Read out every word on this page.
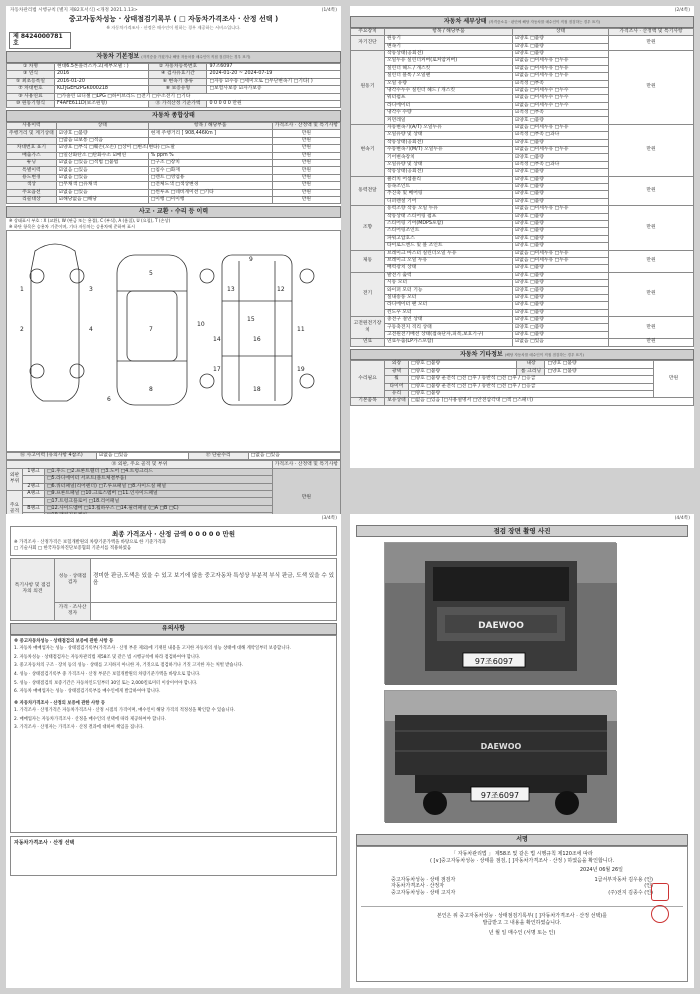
자동차관리법 시행규칙 [별지 제82호서식] <개정 2021.1.13>	(1/4쪽)
중고자동차성능 · 상태점검기록부 ( □ 자동차가격조사 · 산정 선택 )
※ 자동차가격조사 · 산정은 매수인이 원하는 경우 제공하는 서비스입니다.
제 8424000781호
자동차 기본정보 (자격증을 가졌거나 해당 자동차를 매수인이 직접 점검하는 경우 표기)
① 차명	현대6.5톤플러스카고(세부모델 : )	② 자동차등록번호	97조6097
③ 연식	2016	④ 검사유효기간	2024-01-20 ~ 2024-07-19
⑤ 최초등록일	2016-01-20	⑥ 변속기 종류	□자동 ☑수동 □세미오토 □무단변속기 □기타( )
⑦ 차대번호	KLTJGEH2PGK000218	⑧ 보증유형	□보험사보증 ☑자가보증
⑨ 사용연료	□가솔린 ☑디젤 □LPG □하이브리드 □전기 □수소전기 □기타		
⑩ 원동기형식	F4AFE611D(보조원형)	⑪ 가격산정 기준가액	0 0 0 0 0 만원
자동차 종합상태
사용이력	상태	항목 / 해당부품	가격조사 · 산정액 및 특기사항
주행거리 및 계기상태	☑양호 □불량	현재 주행거리 [ 908,446Km ]	만원
	□많음 ☑보통 □적음		만원
차대번호 표기	☑양호 □부식 □훼손(오손) □상이 □변조(변타) □도말		만원
배출가스	□일산화탄소 □탄화수소 ☑매연	% ppm %	만원
튜닝	☑없음 □있음 □적법 □불법	□구조 □장치	만원
특별이력	☑없음 □있음	□침수 □화재	만원
용도변경	☑없음 □있음	□렌트 □영업용	만원
색상	□무채색 □유채색	□전체도색 □색상변경	만원
주요옵션	☑없음 □있음	□썬루프 □네비게이션 □기타	만원
리콜대상	☑해당없음 □해당	□이행 □미이행	만원
사고 · 교환 · 수리 등 이력
※ 상태표시 부호 : X (교환), W (판금 또는 용접), C (부식), A (흠집), U (요철), T (손상)
※ 하단 항목은 승용차 기준이며, 기타 자동차는 승용차에 준하여 표시
1
2
3
4
5
6
7
8
9
10
11
12
13
14
15
16
17
18
19
⑯ 사고이력 (유의사항 4참조)	☑없음 □있음	⑰ 단순수리	□없음 □있음
⑱ 외판, 주요 골격 및 부위			가격조사 · 산정액 및 특기사항
외판부위	1랭크	□1.후드 □2.프론트휀더 □3.도어 □4.트렁크리드	만원
		□5.라디에이터 서포트(볼트체결부품)	
	2랭크	□6.쿼터패널(리어펜더) □7.루프패널 □8.사이드실 패널	
주요골격	A랭크	□9.프론트패널 □10.크로스멤버 □11.인사이드패널	
		□17.트렁크플로어 □18.리어패널	
	B랭크	□12.사이드멤버 □13.휠하우스 □14.필러패널 (□A □B □C)	

(2/4쪽)
자동차 세부상태 (자격증소유 · 판단에 해당 자동차를 매수인이 직접 점검하는 경우 표기)
주요장치	항목 / 해당부품	상태	가격조사 · 산정액 및 특기사항
자기진단	원동기	☑양호 □불량	만원
	변속기	☑양호 □불량	
원동기	작동상태(공회전)	☑양호 □불량	만원
	오일누유 실린더커버(로커암커버)	☑없음 □미세누유 □누유	
	실린더 헤드 / 개스킷	☑없음 □미세누유 □누유	
	실린더 블록 / 오일팬	☑없음 □미세누유 □누유	
	오일 유량	☑적정 □부족	
	냉각수누수 실린더 헤드 / 개스킷	☑없음 □미세누수 □누수	
	워터펌프	☑없음 □미세누수 □누수	
	라디에이터	☑없음 □미세누수 □누수	
	냉각수 수량	☑적정 □부족	
	커먼레일	☑양호 □불량	
변속기	자동변속기(A/T) 오일누유	☑없음 □미세누유 □누유	만원
	오일유량 및 상태	☑적정 □부족 □과다	
	작동상태(공회전)	☑양호 □불량	
	수동변속기(M/T) 오일누유	☑없음 □미세누유 □누유	
	기어변속장치	☑양호 □불량	
	오일유량 및 상태	☑적정 □부족 □과다	
	작동상태(공회전)	☑양호 □불량	
동력전달	클러치 어셈블리	☑양호 □불량	만원
	등속조인트	☑양호 □불량	
	추진축 및 베어링	☑양호 □불량	
	디퍼렌셜 기어	☑양호 □불량	
조향	동력조향 작동 오일 누유	☑없음 □미세누유 □누유	만원
	작동상태 스티어링 펌프	☑양호 □불량	
	스티어링 기어(MDPS포함)	☑양호 □불량	
	스티어링조인트	☑양호 □불량	
	파워고압호스	☑양호 □불량	
	타이로드엔드 및 볼 조인트	☑양호 □불량	
제동	브레이크 마스터 실린더오일 누유	☑없음 □미세누유 □누유	만원
	브레이크 오일 누유	☑없음 □미세누유 □누유	
	배력장치 상태	☑양호 □불량	
전기	발전기 출력	☑양호 □불량	만원
	시동 모터	☑양호 □불량	
	와이퍼 모터 기능	☑양호 □불량	
	실내송풍 모터	☑양호 □불량	
	라디에이터 팬 모터	☑양호 □불량	
	윈도우 모터	☑양호 □불량	
고전원전기장치	충전구 절연 상태	☑양호 □불량	만원
	구동축전지 격리 상태	☑양호 □불량	
	고전원전기배선 상태(접속단자,피복,보호기구)	☑양호 □불량	
연료	연료누출(LP가스포함)	☑없음 □있음	만원
자동차 기타정보 (해당 자동차를 매수인이 직접 점검하는 경우 표기)
수리필요	외장	□양호 □불량	내장	□양호 □불량	만원
	광택	□양호 □불량	룸 크리닝	□양호 □불량	
	휠	□양호 □불량 운전석 □전 □후 / 동반석 □전 □후 / □응급			
	타이어	□양호 □불량 운전석 □전 □후 / 동반석 □전 □후 / □응급			
	유리	□양호 □불량			
기본품목	보유상태	□없음 □있음 (□사용설명서 □안전삼각대 □잭 □스패너)			
(3/4쪽)
최종 가격조사 · 산정 금액 0 0 0 0 0 만원
※ 가격조사 · 산정가격은 보험개발원의 차량기준가액을 바탕으로 한 기준가격과
□ 기술사회 □ 한국자동차진단보증협회 기준서를 적용하였음
특기사항 및 점검자의 의견	성능 · 상태점검자	경미한 판금,도색은 있을 수 있고 보기에 않음 중고자동차 특성상 부분적 부식 판금, 도색 있을 수 있음
	가격 · 조사산정자	
유의사항
※ 중고자동차성능 · 상태점검의 보증에 관한 사항 등
1. 자동차 매매업자는 성능 · 상태점검기록부(가격조사 · 산정 부분 제외)에 기재된 내용을 고지한 자동차의 성능 상태에 대해 계약일부터 보증합니다.
2. 자동차성능 · 상태점검자는 자동차관리법 제58조 및 같은 법 시행규칙에 따라 점검하여야 합니다.
3. 중고자동차의 구조 · 장치 등의 성능 · 상태를 고지하지 아니한 자, 거짓으로 점검하거나 거짓 고지한 자는 처벌 받습니다.
4. 성능 · 상태점검기록부 중 가격조사 · 산정 부분은 보험개발원의 차량기준가액을 바탕으로 합니다.
5. 성능 · 상태점검의 보증기간은 자동차인도일부터 30일 또는 2,000킬로미터 이상이어야 합니다.
6. 자동차 매매업자는 성능 · 상태점검기록부를 매수인에게 발급하여야 합니다.
※ 자동차가격조사 · 산정의 보증에 관한 사항 등
1. 가격조사 · 산정가격은 자동차가격조사 · 산정 시점의 가격이며, 매수인이 해당 가격의 적정성을 확인할 수 있습니다.
2. 매매업자는 자동차가격조사 · 산정을 매수인의 선택에 따라 제공하여야 합니다.
3. 가격조사 · 산정자는 가격조사 · 산정 결과에 대하여 책임을 집니다.
자동차가격조사 · 산정 선택
(4/4쪽)
점검 장면 촬영 사진
DAEWOO
97조6097
DAEWOO
97조6097
서명
「 자동차관리법 」 제58조 및 같은 법 시행규칙 제120조에 따라
( [∨]중고자동차성능 · 상태를 점검, [ ]자동차가격조사 · 산정 ) 하였음을 확인합니다.
2024년 06월 26일
중고자동차성능 · 상태 점검자	1급서부자동차 김우용 (인)
자동차가격조사 · 산정자	(인)
중고자동차성능 · 상태 고지자	(주)전지 김종수 (인)
본인은 위 중고자동차성능 · 상태점검기록부( [ ]자동차가격조사 · 산정 선택)를
발급받고 그 내용을 확인하였습니다.
년 월 일 매수인 (서명 또는 인)
